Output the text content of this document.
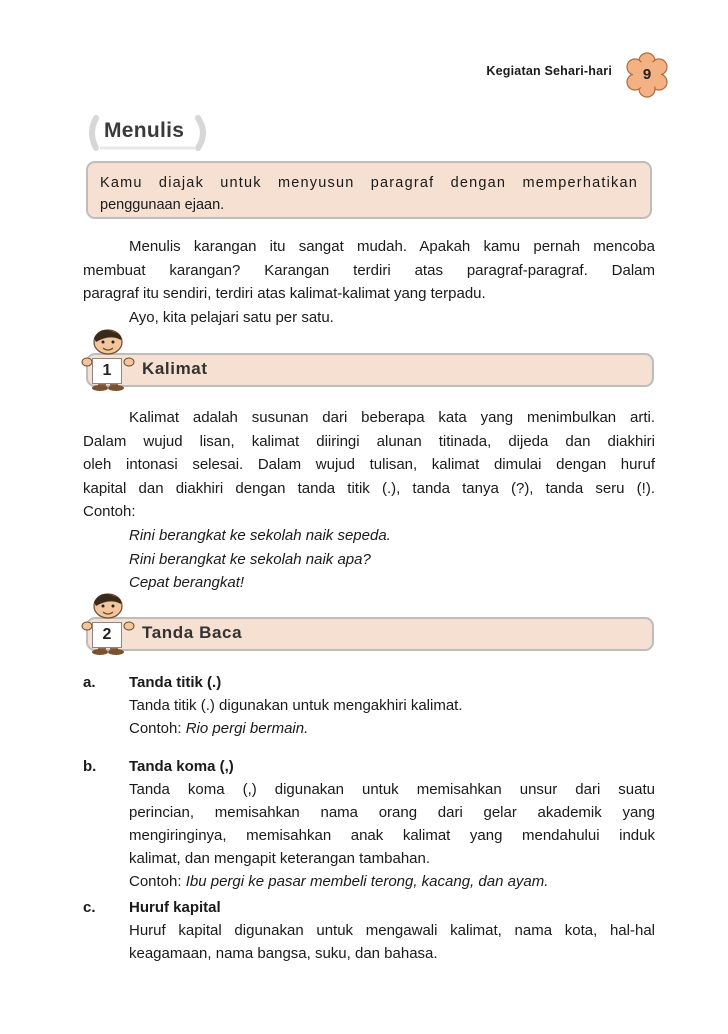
Kegiatan Sehari-hari	9
Menulis
Kamu diajak untuk menyusun paragraf dengan memperhatikan
penggunaan ejaan.
Menulis karangan itu sangat mudah. Apakah kamu pernah mencoba
membuat karangan? Karangan terdiri atas paragraf-paragraf. Dalam
paragraf itu sendiri, terdiri atas kalimat-kalimat yang terpadu.
Ayo, kita pelajari satu per satu.
Kalimat
1
Kalimat adalah susunan dari beberapa kata yang menimbulkan arti.
Dalam wujud lisan, kalimat diiringi alunan titinada, dijeda dan diakhiri
oleh intonasi selesai. Dalam wujud tulisan, kalimat dimulai dengan huruf
kapital dan diakhiri dengan tanda titik (.), tanda tanya (?), tanda seru (!).
Contoh:
Rini berangkat ke sekolah naik sepeda.
Rini berangkat ke sekolah naik apa?
Cepat berangkat!
Tanda Baca
2
a. Tanda titik (.)
Tanda titik (.) digunakan untuk mengakhiri kalimat.
Contoh: Rio pergi bermain.
b. Tanda koma (,)
Tanda koma (,) digunakan untuk memisahkan unsur dari suatu
perincian, memisahkan nama orang dari gelar akademik yang
mengiringinya, memisahkan anak kalimat yang mendahului induk
kalimat, dan mengapit keterangan tambahan.
Contoh: Ibu pergi ke pasar membeli terong, kacang, dan ayam.
c. Huruf kapital
Huruf kapital digunakan untuk mengawali kalimat, nama kota, hal-hal
keagamaan, nama bangsa, suku, dan bahasa.
